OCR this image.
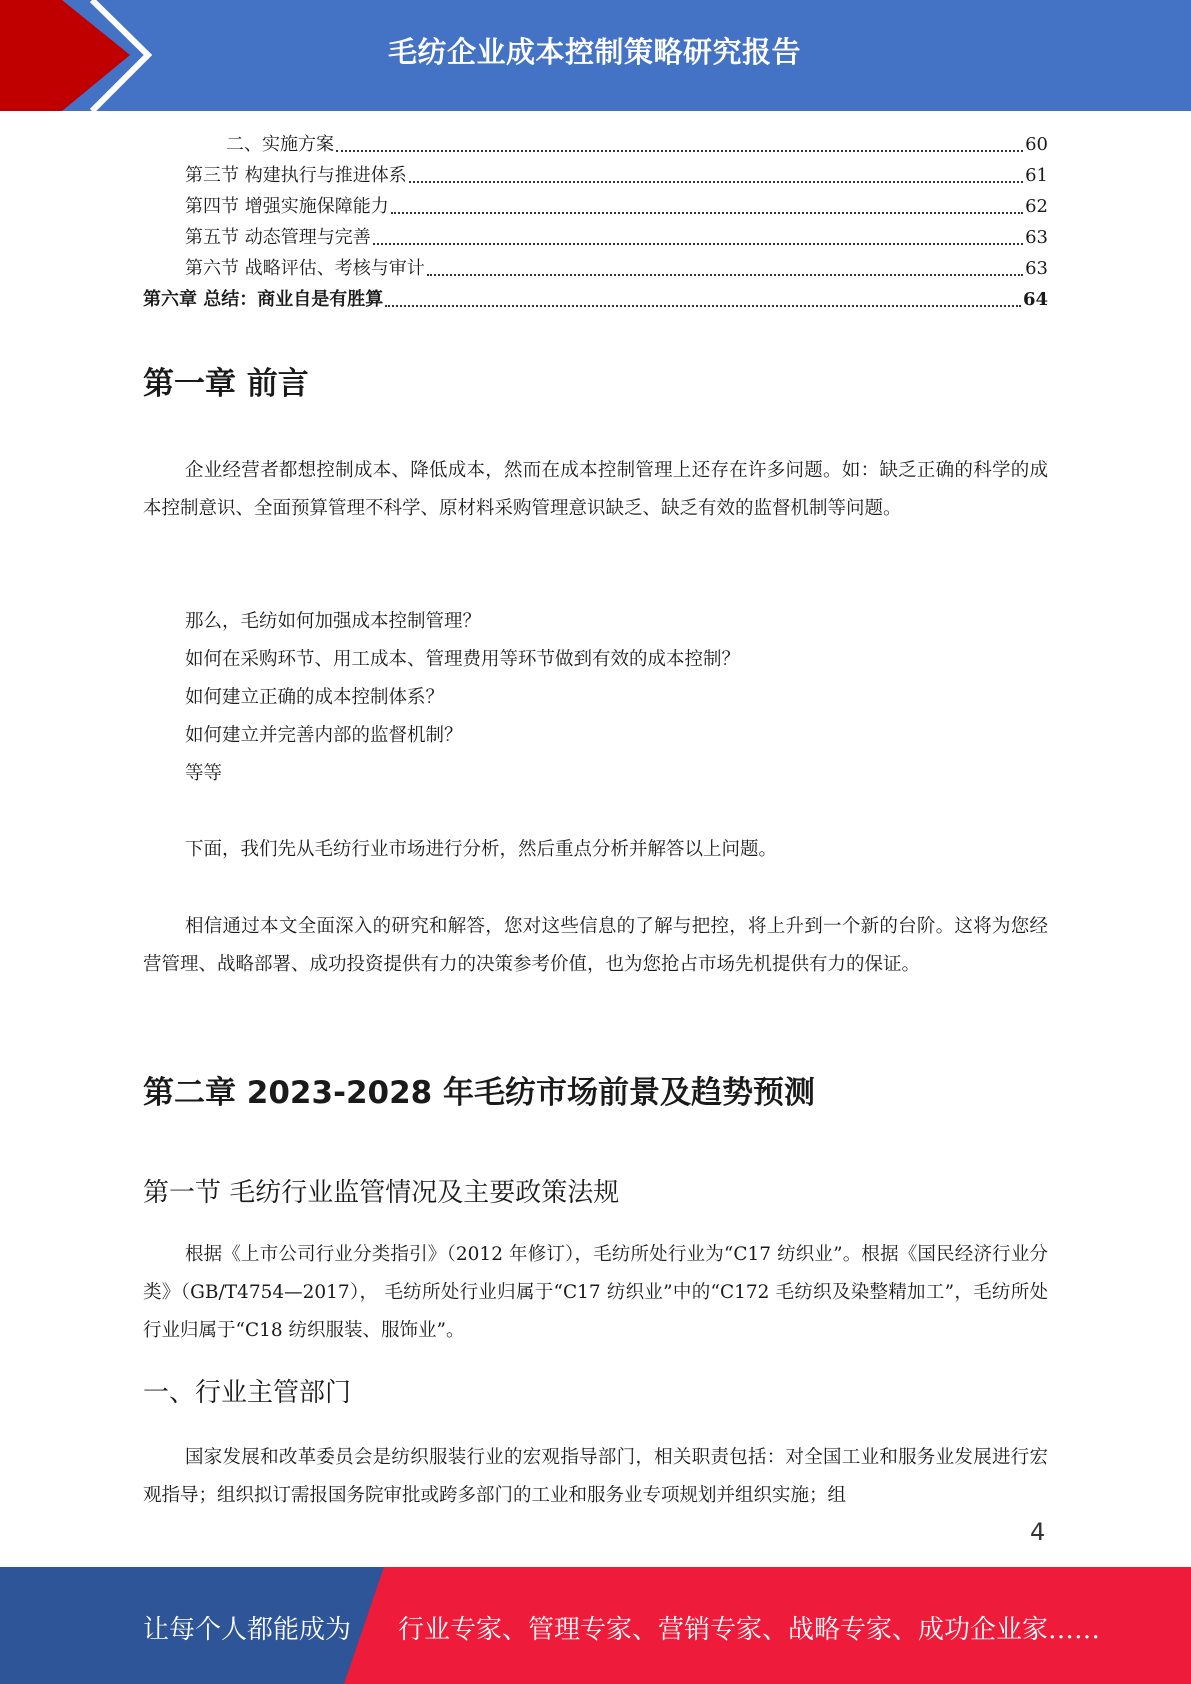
毛纺企业成本控制策略研究报告
二、实施方案	60
第三节 构建执行与推进体系	61
第四节 增强实施保障能力	62
第五节 动态管理与完善	63
第六节 战略评估、考核与审计	63
第六章 总结：商业自是有胜算	64
第一章 前言

企业经营者都想控制成本、降低成本，然而在成本控制管理上还存在许多问题。如：缺乏正确的科学的成本控制意识、全面预算管理不科学、原材料采购管理意识缺乏、缺乏有效的监督机制等问题。

那么，毛纺如何加强成本控制管理？
如何在采购环节、用工成本、管理费用等环节做到有效的成本控制？
如何建立正确的成本控制体系？
如何建立并完善内部的监督机制？
等等

下面，我们先从毛纺行业市场进行分析，然后重点分析并解答以上问题。

相信通过本文全面深入的研究和解答，您对这些信息的了解与把控，将上升到一个新的台阶。这将为您经营管理、战略部署、成功投资提供有力的决策参考价值，也为您抢占市场先机提供有力的保证。

第二章 2023-2028 年毛纺市场前景及趋势预测
第一节 毛纺行业监管情况及主要政策法规

根据《上市公司行业分类指引》（2012 年修订），毛纺所处行业为“C17 纺织业”。根据《国民经济行业分类》（GB/T4754—2017）， 毛纺所处行业归属于“C17 纺织业”中的“C172 毛纺织及染整精加工”，毛纺所处行业归属于“C18 纺织服装、服饰业”。

一、行业主管部门

国家发展和改革委员会是纺织服装行业的宏观指导部门，相关职责包括：对全国工业和服务业发展进行宏观指导；组织拟订需报国务院审批或跨多部门的工业和服务业专项规划并组织实施；组

4
让每个人都能成为 行业专家、管理专家、营销专家、战略专家、成功企业家……
